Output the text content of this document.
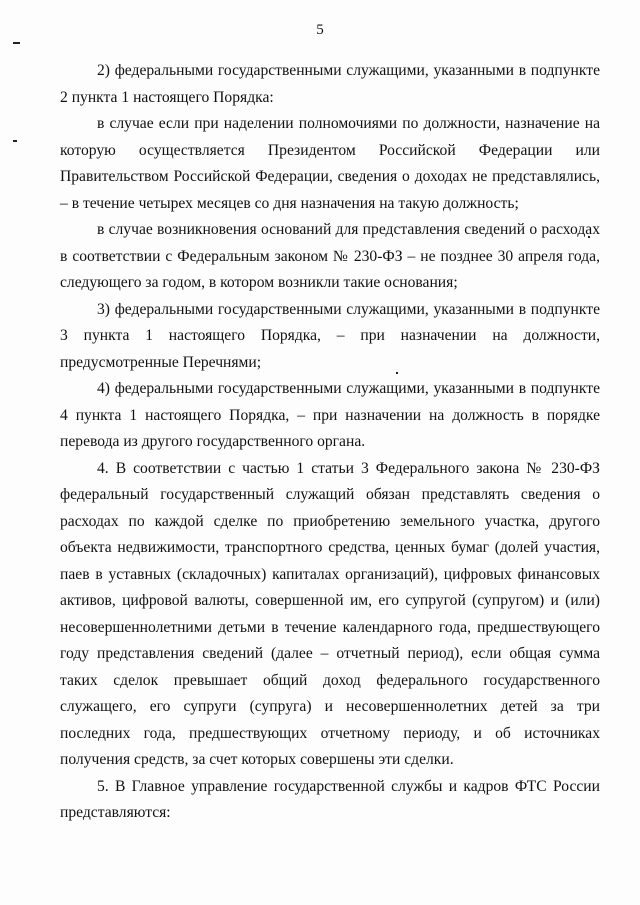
5

2) федеральными государственными служащими, указанными в подпункте 2 пункта 1 настоящего Порядка:

в случае если при наделении полномочиями по должности, назначение на которую осуществляется Президентом Российской Федерации или Правительством Российской Федерации, сведения о доходах не представлялись, – в течение четырех месяцев со дня назначения на такую должность;

в случае возникновения оснований для представления сведений о расходах в соответствии с Федеральным законом № 230-ФЗ – не позднее 30 апреля года, следующего за годом, в котором возникли такие основания;

3) федеральными государственными служащими, указанными в подпункте 3 пункта 1 настоящего Порядка, – при назначении на должности, предусмотренные Перечнями;

4) федеральными государственными служащими, указанными в подпункте 4 пункта 1 настоящего Порядка, – при назначении на должность в порядке перевода из другого государственного органа.

4. В соответствии с частью 1 статьи 3 Федерального закона № 230-ФЗ федеральный государственный служащий обязан представлять сведения о расходах по каждой сделке по приобретению земельного участка, другого объекта недвижимости, транспортного средства, ценных бумаг (долей участия, паев в уставных (складочных) капиталах организаций), цифровых финансовых активов, цифровой валюты, совершенной им, его супругой (супругом) и (или) несовершеннолетними детьми в течение календарного года, предшествующего году представления сведений (далее – отчетный период), если общая сумма таких сделок превышает общий доход федерального государственного служащего, его супруги (супруга) и несовершеннолетних детей за три последних года, предшествующих отчетному периоду, и об источниках получения средств, за счет которых совершены эти сделки.

5. В Главное управление государственной службы и кадров ФТС России представляются:
